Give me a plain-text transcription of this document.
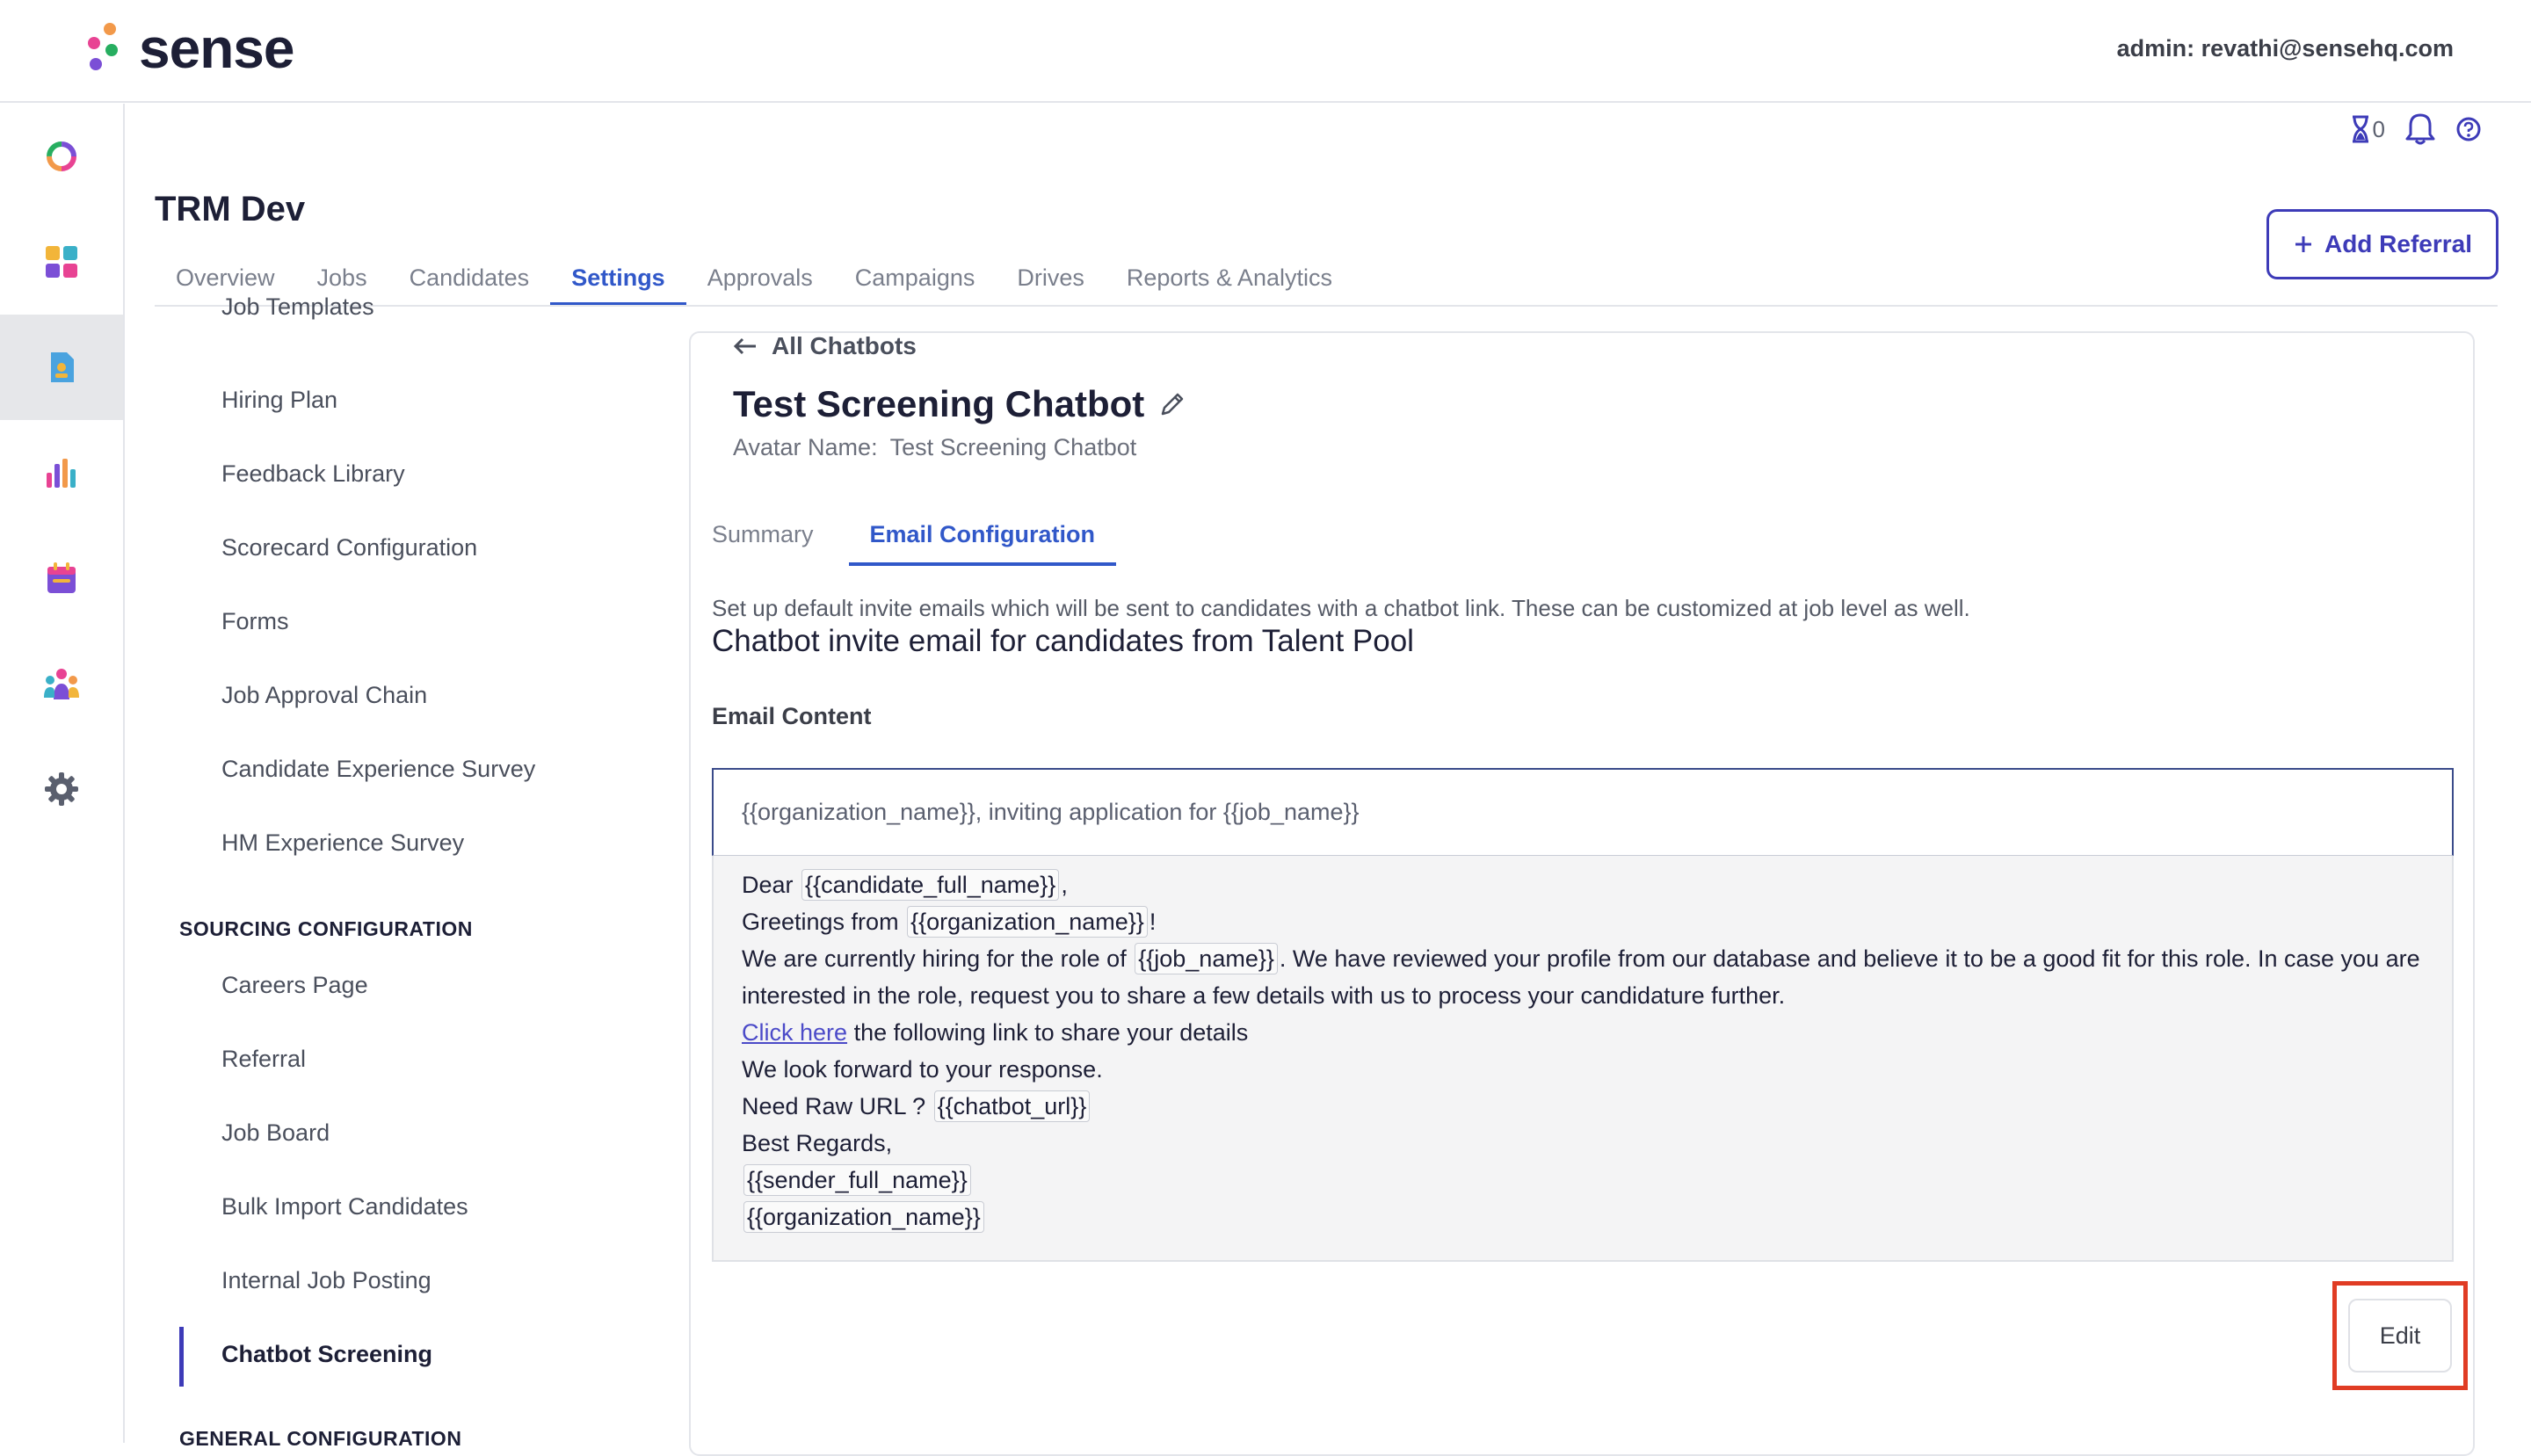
sense	admin: revathi@sensehq.com
0
TRM Dev
Overview	Jobs	Candidates	Settings	Approvals	Campaigns	Drives	Reports & Analytics
Add Referral
Job Templates
Hiring Plan
Feedback Library
Scorecard Configuration
Forms
Job Approval Chain
Candidate Experience Survey
HM Experience Survey
SOURCING CONFIGURATION
Careers Page
Referral
Job Board
Bulk Import Candidates
Internal Job Posting
Chatbot Screening
GENERAL CONFIGURATION
All Chatbots
Test Screening Chatbot
Avatar Name: Test Screening Chatbot
Summary	Email Configuration
Set up default invite emails which will be sent to candidates with a chatbot link. These can be customized at job level as well.
Chatbot invite email for candidates from Talent Pool
Email Content
{{organization_name}}, inviting application for {{job_name}}
Dear {{candidate_full_name}} ,
Greetings from {{organization_name}} !
We are currently hiring for the role of {{job_name}} . We have reviewed your profile from our database and believe it to be a good fit for this role. In case you are interested in the role, request you to share a few details with us to process your candidature further.
Click here the following link to share your details
We look forward to your response.
Need Raw URL ? {{chatbot_url}}
Best Regards,
{{sender_full_name}}
{{organization_name}}
Edit
